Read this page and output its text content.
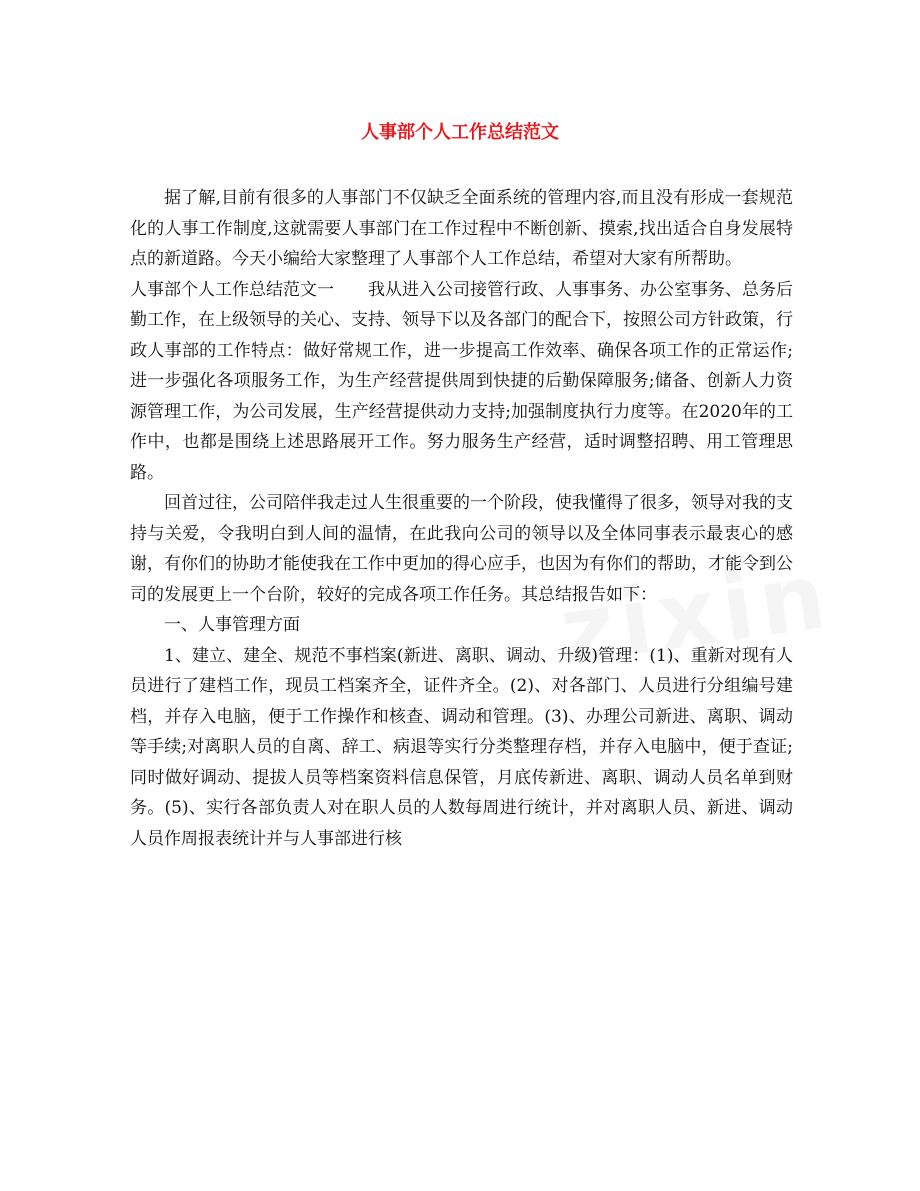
人事部个人工作总结范文

据了解,目前有很多的人事部门不仅缺乏全面系统的管理内容,而且没有形成一套规范化的人事工作制度,这就需要人事部门在工作过程中不断创新、摸索,找出适合自身发展特点的新道路。今天小编给大家整理了人事部个人工作总结，希望对大家有所帮助。

人事部个人工作总结范文一　　我从进入公司接管行政、人事事务、办公室事务、总务后勤工作，在上级领导的关心、支持、领导下以及各部门的配合下，按照公司方针政策，行政人事部的工作特点：做好常规工作，进一步提高工作效率、确保各项工作的正常运作;进一步强化各项服务工作，为生产经营提供周到快捷的后勤保障服务;储备、创新人力资源管理工作，为公司发展，生产经营提供动力支持;加强制度执行力度等。在2020年的工作中，也都是围绕上述思路展开工作。努力服务生产经营，适时调整招聘、用工管理思路。

回首过往，公司陪伴我走过人生很重要的一个阶段，使我懂得了很多，领导对我的支持与关爱，令我明白到人间的温情，在此我向公司的领导以及全体同事表示最衷心的感谢，有你们的协助才能使我在工作中更加的得心应手，也因为有你们的帮助，才能令到公司的发展更上一个台阶，较好的完成各项工作任务。其总结报告如下：

一、人事管理方面

1、建立、建全、规范不事档案(新进、离职、调动、升级)管理：(1)、重新对现有人员进行了建档工作，现员工档案齐全，证件齐全。(2)、对各部门、人员进行分组编号建档，并存入电脑，便于工作操作和核查、调动和管理。(3)、办理公司新进、离职、调动等手续;对离职人员的自离、辞工、病退等实行分类整理存档，并存入电脑中，便于查证;同时做好调动、提拔人员等档案资料信息保管，月底传新进、离职、调动人员名单到财务。(5)、实行各部负责人对在职人员的人数每周进行统计，并对离职人员、新进、调动人员作周报表统计并与人事部进行核
